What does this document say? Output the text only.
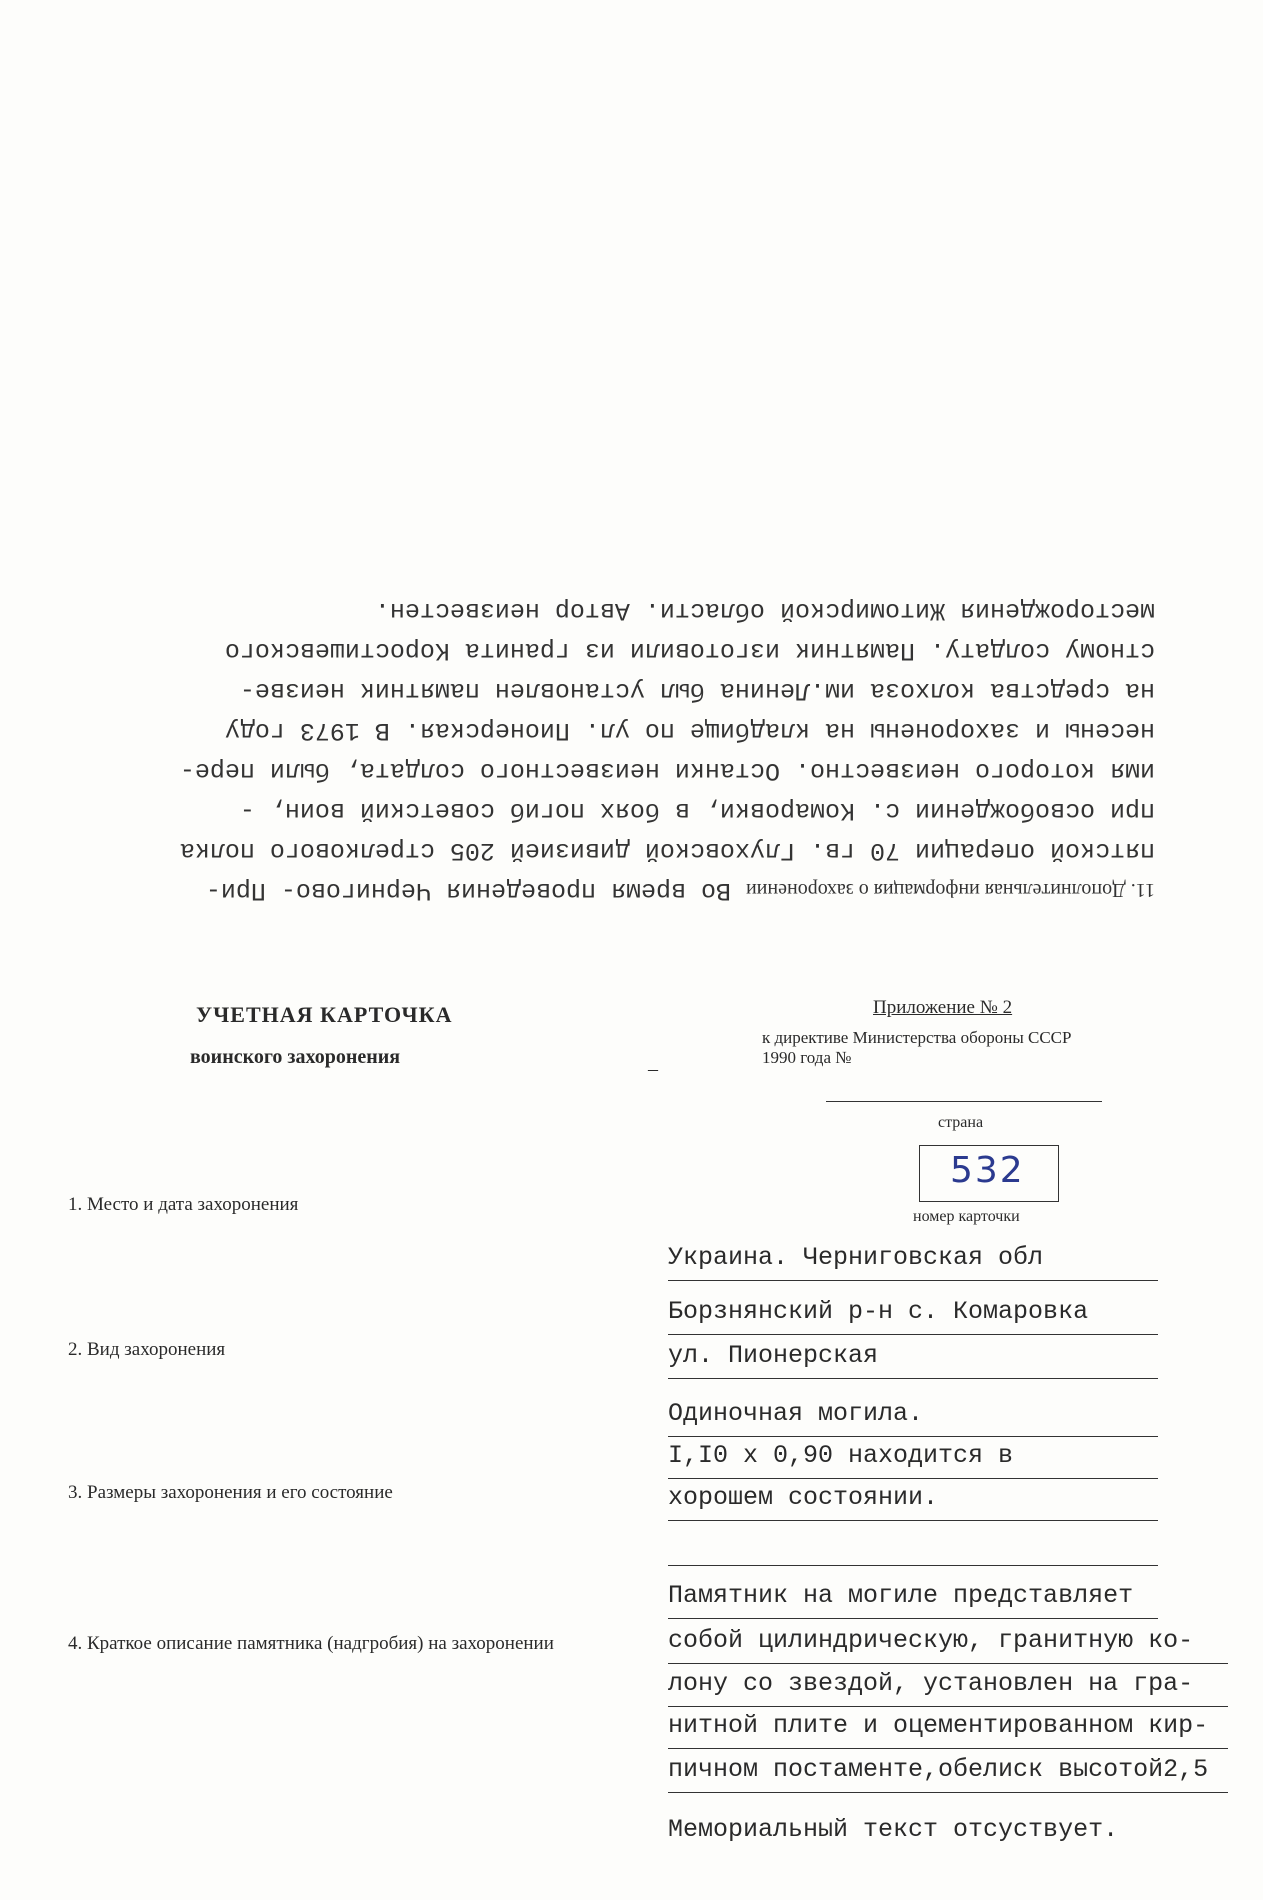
11. Дополнительная информация о захоронении Во время проведения Чернигово- При-
пятской операции 70 гв. Глуховской дивизией 205 стрелкового полка
при освобождении с. Комаровки, в боях погиб советский воин, -
имя которого неизвестно. Останки неизвестного солдата, были пере-
несены и захоронены на кладбище по ул. Пионерская. В 1973 году
на средства колхоза им.Ленина был установлен памятник неизве-
стному солдату. Памятник изготовили из гранита Коростишевского
месторождения Житомирской области. Автор неизвестен.
УЧЕТНАЯ КАРТОЧКА
воинского захоронения
Приложение № 2
к директиве Министерства обороны СССР
1990 года №
–
страна
532
номер карточки
1. Место и дата захоронения
2. Вид захоронения
3. Размеры захоронения и его состояние
4. Краткое описание памятника (надгробия) на захоронении
Украина. Черниговская обл
Борзнянский р-н с. Комаровка
ул. Пионерская
Одиночная могила.
I,I0 х 0,90 находится в
хорошем состоянии.
Памятник на могиле представляет
собой цилиндрическую, гранитную ко-
лону со звездой, установлен на гра-
нитной плите и оцементированном кир-
пичном постаменте,обелиск высотой2,5
Мемориальный текст отсуствует.
